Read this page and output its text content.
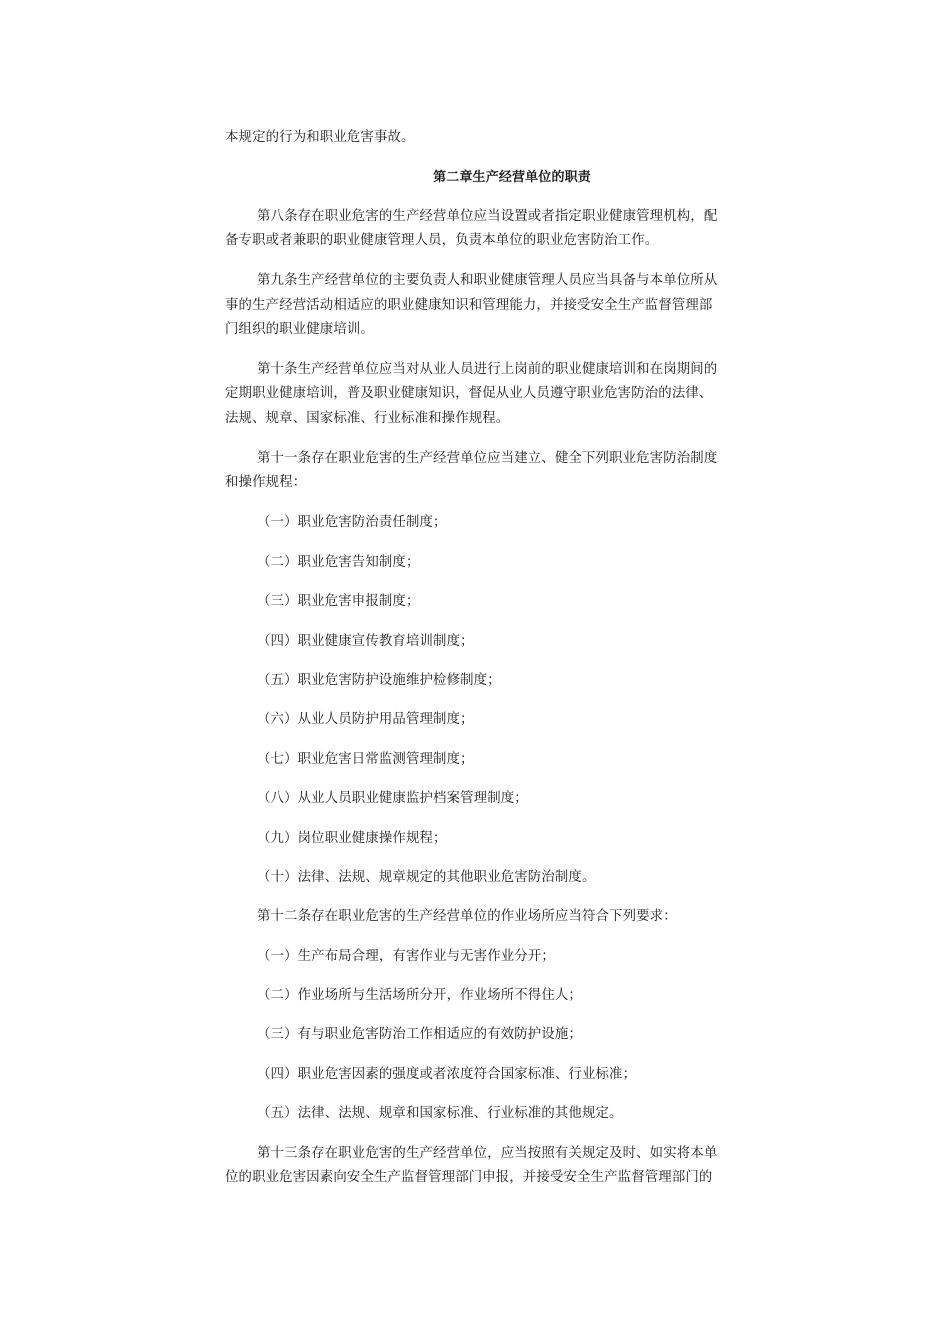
本规定的行为和职业危害事故。
第二章生产经营单位的职责
第八条存在职业危害的生产经营单位应当设置或者指定职业健康管理机构，配
备专职或者兼职的职业健康管理人员，负责本单位的职业危害防治工作。
第九条生产经营单位的主要负责人和职业健康管理人员应当具备与本单位所从
事的生产经营活动相适应的职业健康知识和管理能力，并接受安全生产监督管理部
门组织的职业健康培训。
第十条生产经营单位应当对从业人员进行上岗前的职业健康培训和在岗期间的
定期职业健康培训，普及职业健康知识，督促从业人员遵守职业危害防治的法律、
法规、规章、国家标准、行业标准和操作规程。
第十一条存在职业危害的生产经营单位应当建立、健全下列职业危害防治制度
和操作规程：
（一）职业危害防治责任制度；
（二）职业危害告知制度；
（三）职业危害申报制度；
（四）职业健康宣传教育培训制度；
（五）职业危害防护设施维护检修制度；
（六）从业人员防护用品管理制度；
（七）职业危害日常监测管理制度；
（八）从业人员职业健康监护档案管理制度；
（九）岗位职业健康操作规程；
（十）法律、法规、规章规定的其他职业危害防治制度。
第十二条存在职业危害的生产经营单位的作业场所应当符合下列要求：
（一）生产布局合理，有害作业与无害作业分开；
（二）作业场所与生活场所分开，作业场所不得住人；
（三）有与职业危害防治工作相适应的有效防护设施；
（四）职业危害因素的强度或者浓度符合国家标准、行业标准；
（五）法律、法规、规章和国家标准、行业标准的其他规定。
第十三条存在职业危害的生产经营单位，应当按照有关规定及时、如实将本单
位的职业危害因素向安全生产监督管理部门申报，并接受安全生产监督管理部门的
